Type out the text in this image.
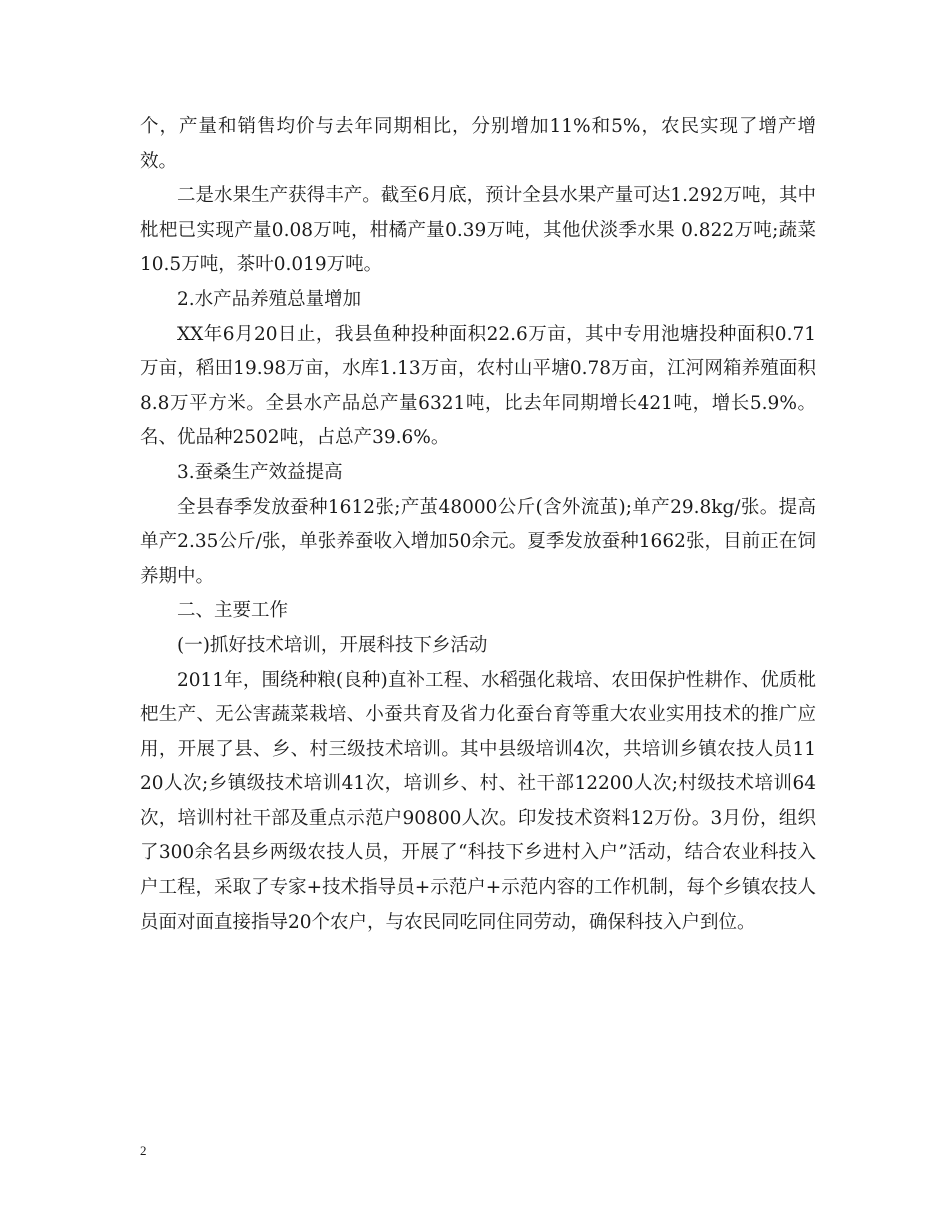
个，产量和销售均价与去年同期相比，分别增加11%和5%，农民实现了增产增效。

二是水果生产获得丰产。截至6月底，预计全县水果产量可达1.292万吨，其中枇杷已实现产量0.08万吨，柑橘产量0.39万吨，其他伏淡季水果 0.822万吨;蔬菜10.5万吨，茶叶0.019万吨。

2.水产品养殖总量增加

XX年6月20日止，我县鱼种投种面积22.6万亩，其中专用池塘投种面积0.71万亩，稻田19.98万亩，水库1.13万亩，农村山平塘0.78万亩，江河网箱养殖面积8.8万平方米。全县水产品总产量6321吨，比去年同期增长421吨，增长5.9%。名、优品种2502吨，占总产39.6%。

3.蚕桑生产效益提高

全县春季发放蚕种1612张;产茧48000公斤(含外流茧);单产29.8kg/张。提高单产2.35公斤/张，单张养蚕收入增加50余元。夏季发放蚕种1662张，目前正在饲养期中。

二、主要工作

(一)抓好技术培训，开展科技下乡活动

2011年，围绕种粮(良种)直补工程、水稻强化栽培、农田保护性耕作、优质枇杷生产、无公害蔬菜栽培、小蚕共育及省力化蚕台育等重大农业实用技术的推广应用，开展了县、乡、村三级技术培训。其中县级培训4次，共培训乡镇农技人员1120人次;乡镇级技术培训41次，培训乡、村、社干部12200人次;村级技术培训64次，培训村社干部及重点示范户90800人次。印发技术资料12万份。3月份，组织了300余名县乡两级农技人员，开展了“科技下乡进村入户”活动，结合农业科技入户工程，采取了专家+技术指导员+示范户+示范内容的工作机制，每个乡镇农技人员面对面直接指导20个农户，与农民同吃同住同劳动，确保科技入户到位。

2
